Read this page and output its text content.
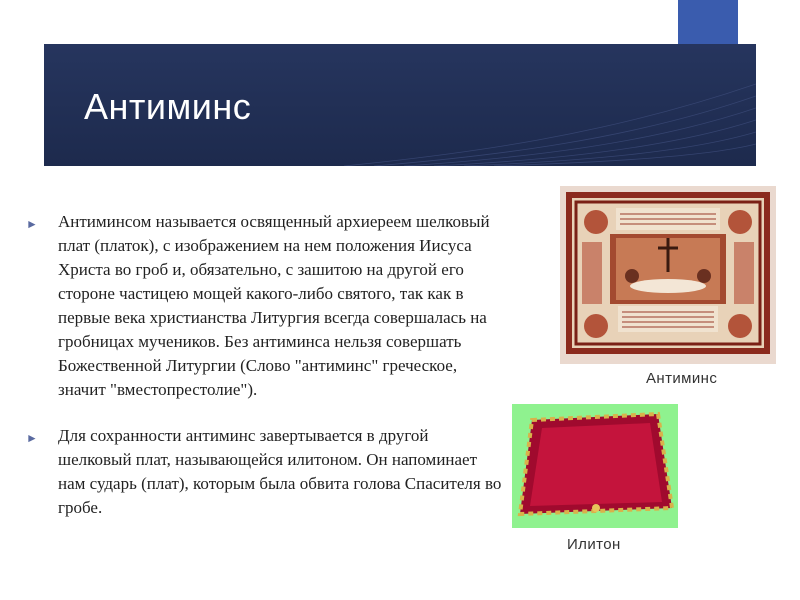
Антиминс
► Антиминсом называется освященный архиереем шелковый плат (платок), с изображением на нем положения Иисуса Христа во гроб и, обязательно, с зашитою на другой его стороне частицею мощей какого-либо святого, так как в первые века христианства Литургия всегда совершалась на гробницах мучеников. Без антиминса нельзя совершать Божественной Литургии (Слово "антиминс" греческое, значит "вместопрестолие").
► Для сохранности антиминс завертывается в другой шелковый плат, называющейся илитоном. Он напоминает нам сударь (плат), которым была обвита голова Спасителя во гробе.
Антиминс
Илитон
